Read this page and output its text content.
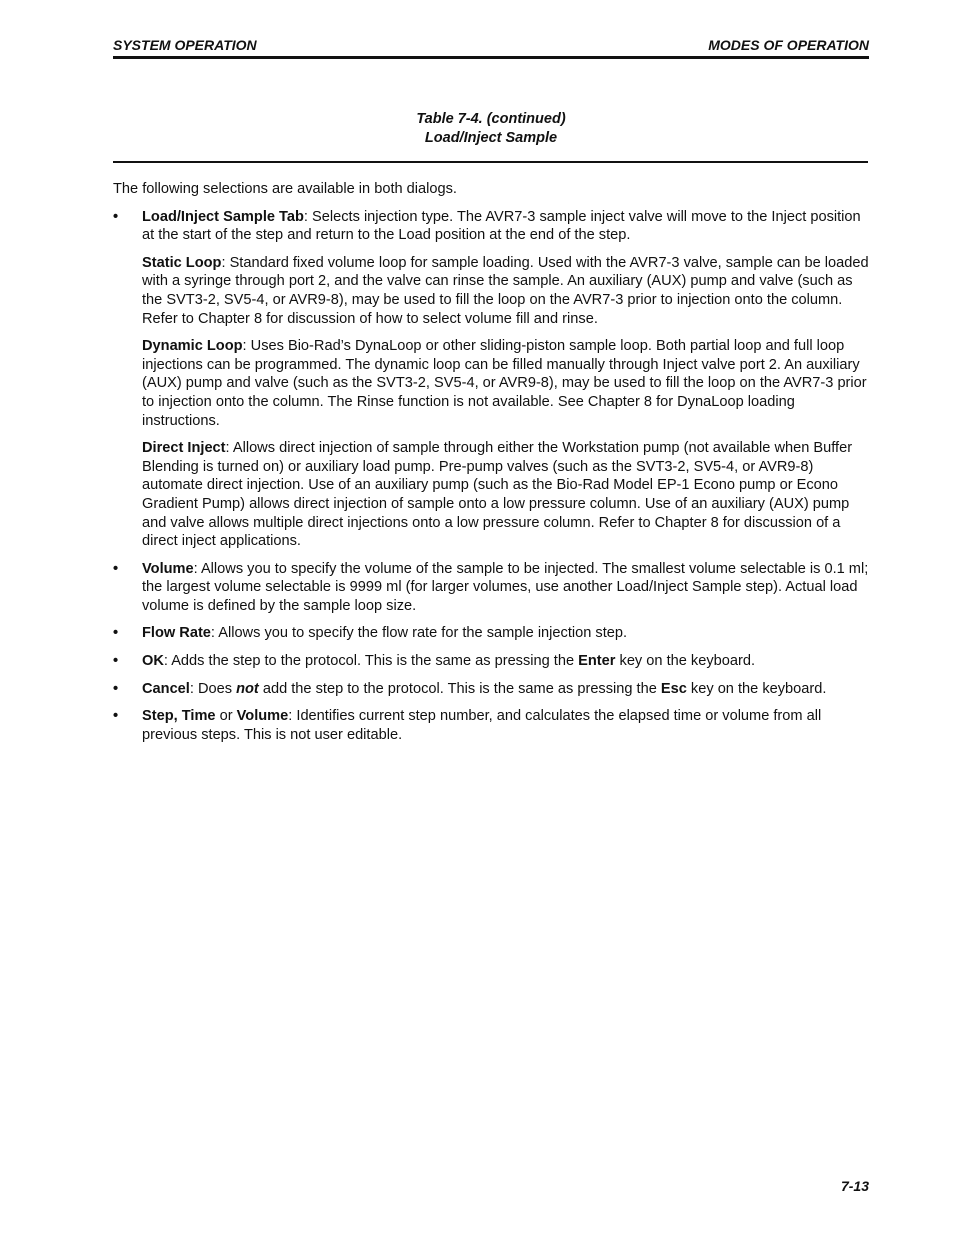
SYSTEM OPERATION	MODES OF OPERATION
Table 7-4. (continued)
Load/Inject Sample

The following selections are available in both dialogs.

• Load/Inject Sample Tab: Selects injection type. The AVR7-3 sample inject valve will move to the Inject position at the start of the step and return to the Load position at the end of the step.

Static Loop: Standard fixed volume loop for sample loading. Used with the AVR7-3 valve, sample can be loaded with a syringe through port 2, and the valve can rinse the sample. An auxiliary (AUX) pump and valve (such as the SVT3-2, SV5-4, or AVR9-8), may be used to fill the loop on the AVR7-3 prior to injection onto the column. Refer to Chapter 8 for discussion of how to select volume fill and rinse.

Dynamic Loop: Uses Bio-Rad’s DynaLoop or other sliding-piston sample loop. Both partial loop and full loop injections can be programmed. The dynamic loop can be filled manually through Inject valve port 2. An auxiliary (AUX) pump and valve (such as the SVT3-2, SV5-4, or AVR9-8), may be used to fill the loop on the AVR7-3 prior to injection onto the column. The Rinse function is not available. See Chapter 8 for DynaLoop loading instructions.

Direct Inject: Allows direct injection of sample through either the Workstation pump (not available when Buffer Blending is turned on) or auxiliary load pump. Pre-pump valves (such as the SVT3-2, SV5-4, or AVR9-8) automate direct injection. Use of an auxiliary pump (such as the Bio-Rad Model EP-1 Econo pump or Econo Gradient Pump) allows direct injection of sample onto a low pressure column. Use of an auxiliary (AUX) pump and valve allows multiple direct injections onto a low pressure column. Refer to Chapter 8 for discussion of a direct inject applications.

• Volume: Allows you to specify the volume of the sample to be injected. The smallest volume selectable is 0.1 ml; the largest volume selectable is 9999 ml (for larger volumes, use another Load/Inject Sample step). Actual load volume is defined by the sample loop size.
• Flow Rate: Allows you to specify the flow rate for the sample injection step.
• OK: Adds the step to the protocol. This is the same as pressing the Enter key on the keyboard.
• Cancel: Does not add the step to the protocol. This is the same as pressing the Esc key on the keyboard.
• Step, Time or Volume: Identifies current step number, and calculates the elapsed time or volume from all previous steps. This is not user editable.
7-13
